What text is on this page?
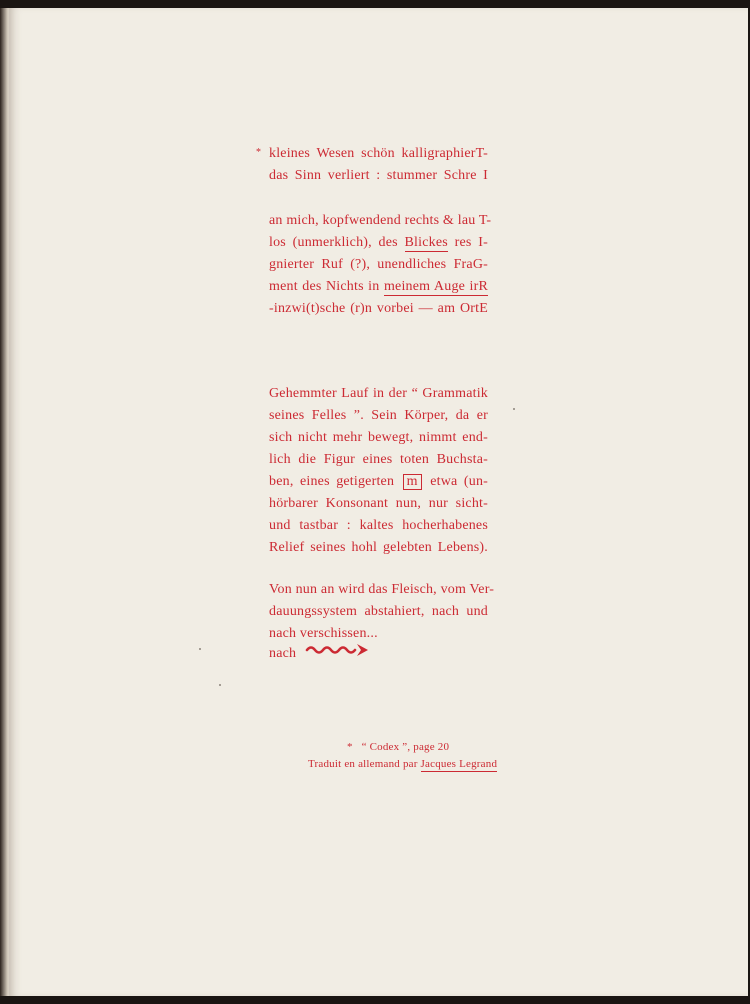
* kleines Wesen schön kalligraphierT-
das Sinn verliert : stummer Schre I
an mich, kopfwendend rechts & lau T-
los (unmerklich), des Blickes res I-
gnierter Ruf (?), unendliches FraG-
ment des Nichts in meinem Auge irR
-inzwi(t)sche (r)n vorbei — am OrtE
Gehemmter Lauf in der “ Grammatik
seines Felles ”. Sein Körper, da er
sich nicht mehr bewegt, nimmt end-
lich die Figur eines toten Buchsta-
ben, eines getigerten m etwa (un-
hörbarer Konsonant nun, nur sicht-
und tastbar : kaltes hocherhabenes
Relief seines hohl gelebten Lebens).
Von nun an wird das Fleisch, vom Ver-
dauungssystem abstahiert, nach und
nach verschissen...
nach
* “ Codex ”, page 20
Traduit en allemand par Jacques Legrand
